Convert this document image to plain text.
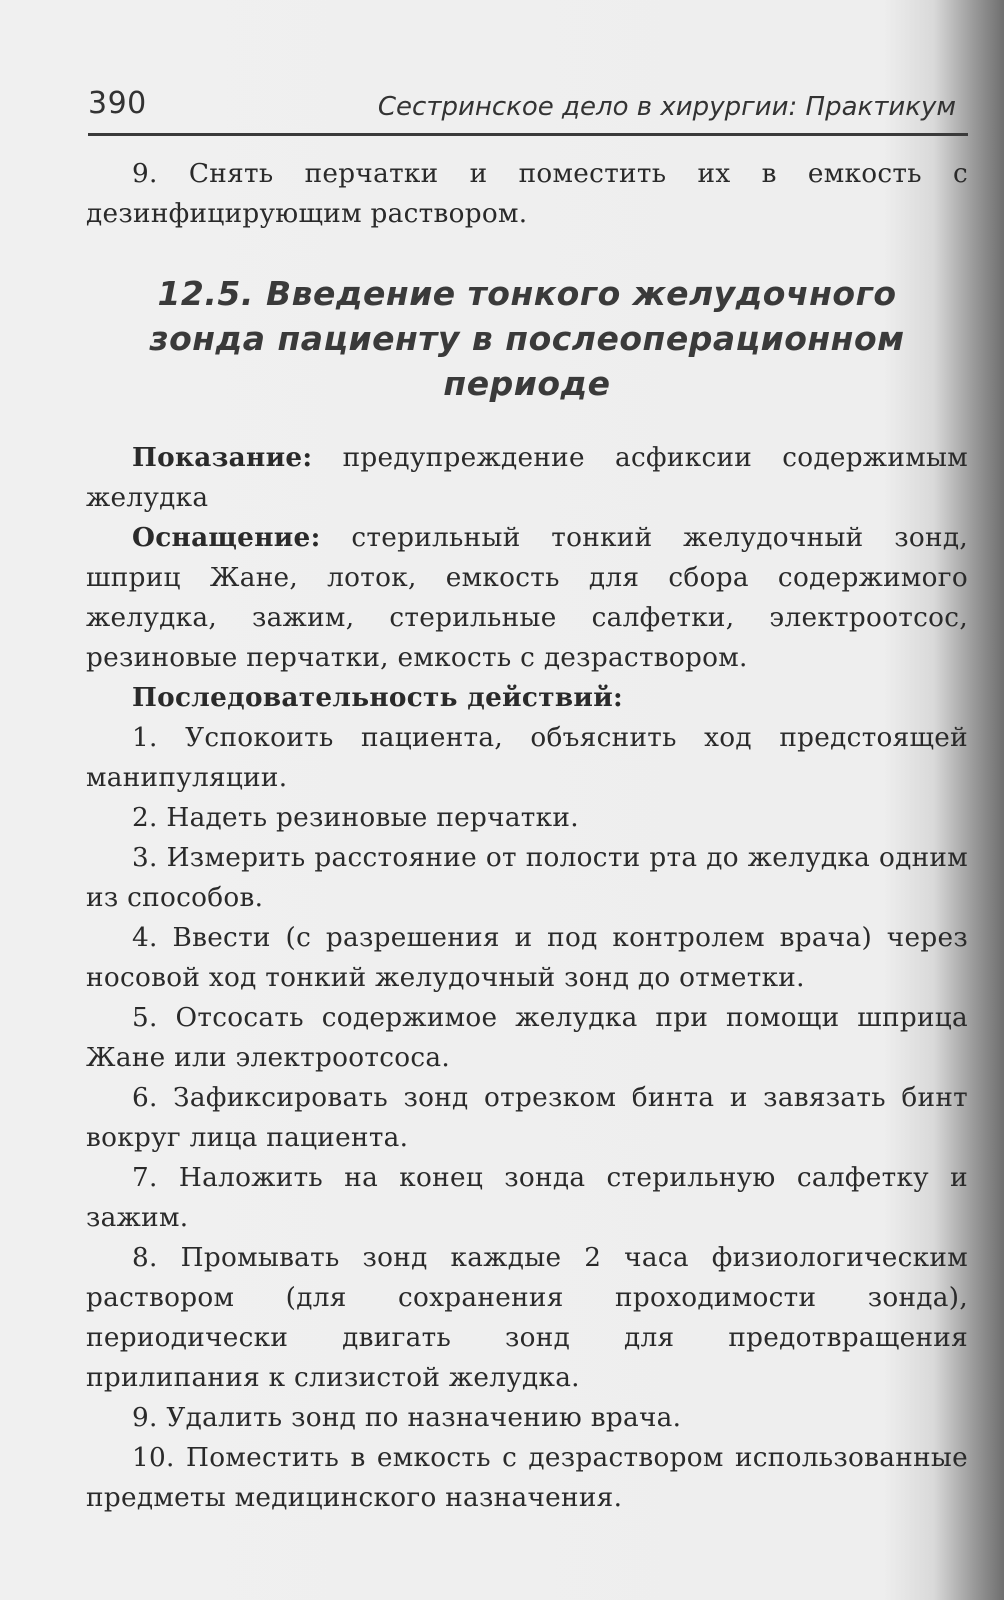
390	Сестринское дело в хирургии: Практикум

9. Снять перчатки и поместить их в емкость с дезинфицирующим раствором.

12.5. Введение тонкого желудочного зонда пациенту в послеоперационном периоде

Показание: предупреждение асфиксии содержимым желудка

Оснащение: стерильный тонкий желудочный зонд, шприц Жане, лоток, емкость для сбора содержимого желудка, зажим, стерильные салфетки, электроотсос, резиновые перчатки, емкость с дезраствором.

Последовательность действий:

1. Успокоить пациента, объяснить ход предстоящей манипуляции.
2. Надеть резиновые перчатки.
3. Измерить расстояние от полости рта до желудка одним из способов.
4. Ввести (с разрешения и под контролем врача) через носовой ход тонкий желудочный зонд до отметки.
5. Отсосать содержимое желудка при помощи шприца Жане или электроотсоса.
6. Зафиксировать зонд отрезком бинта и завязать бинт вокруг лица пациента.
7. Наложить на конец зонда стерильную салфетку и зажим.
8. Промывать зонд каждые 2 часа физиологическим раствором (для сохранения проходимости зонда), периодически двигать зонд для предотвращения прилипания к слизистой желудка.
9. Удалить зонд по назначению врача.
10. Поместить в емкость с дезраствором использованные предметы медицинского назначения.
